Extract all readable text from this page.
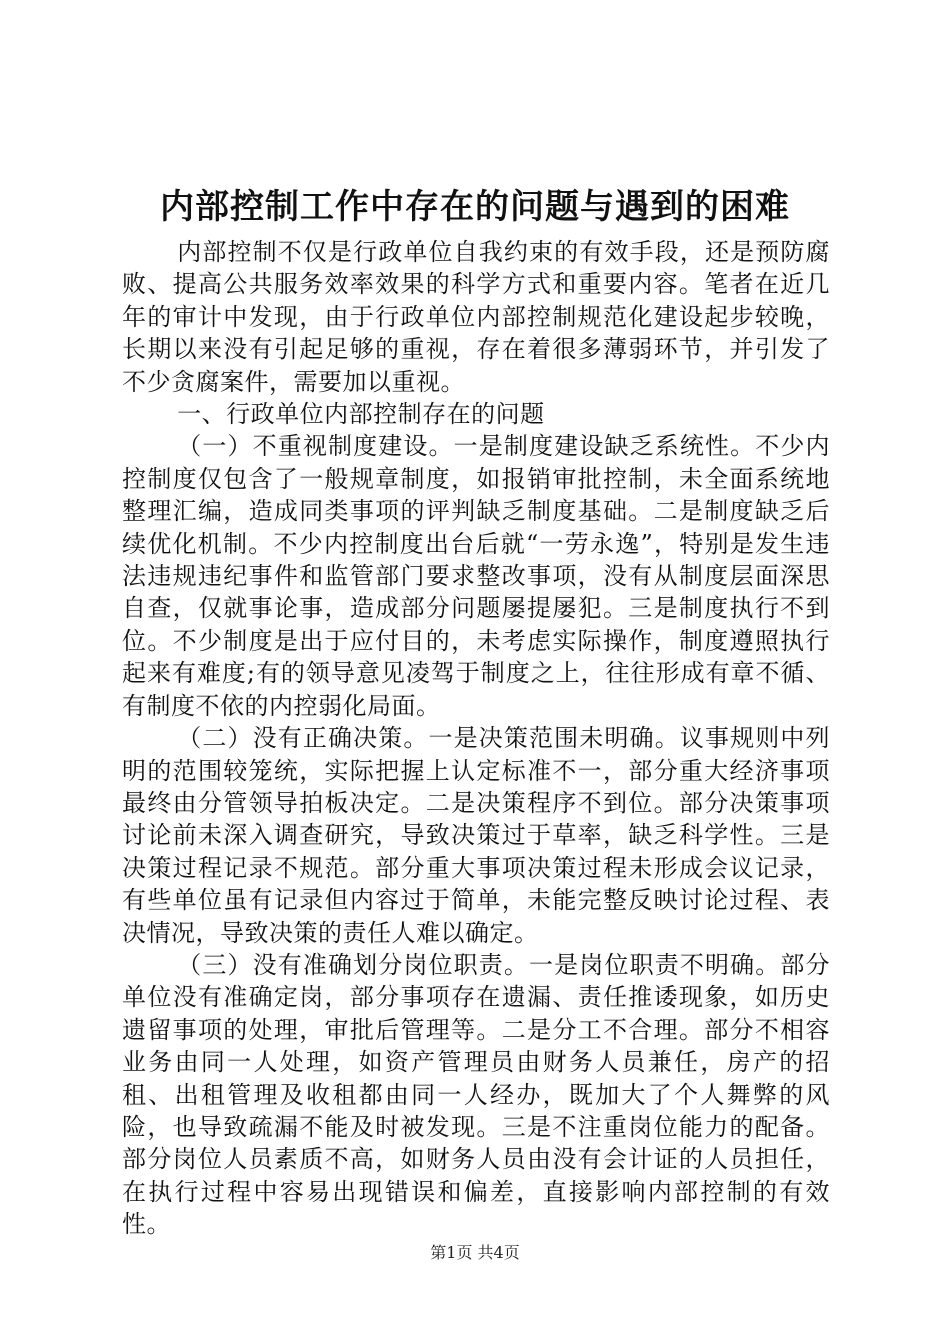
内部控制工作中存在的问题与遇到的困难

内部控制不仅是行政单位自我约束的有效手段，还是预防腐败、提高公共服务效率效果的科学方式和重要内容。笔者在近几年的审计中发现，由于行政单位内部控制规范化建设起步较晚，长期以来没有引起足够的重视，存在着很多薄弱环节，并引发了不少贪腐案件，需要加以重视。

一、行政单位内部控制存在的问题

（一）不重视制度建设。一是制度建设缺乏系统性。不少内控制度仅包含了一般规章制度，如报销审批控制，未全面系统地整理汇编，造成同类事项的评判缺乏制度基础。二是制度缺乏后续优化机制。不少内控制度出台后就“一劳永逸”，特别是发生违法违规违纪事件和监管部门要求整改事项，没有从制度层面深思自查，仅就事论事，造成部分问题屡提屡犯。三是制度执行不到位。不少制度是出于应付目的，未考虑实际操作，制度遵照执行起来有难度;有的领导意见凌驾于制度之上，往往形成有章不循、有制度不依的内控弱化局面。

（二）没有正确决策。一是决策范围未明确。议事规则中列明的范围较笼统，实际把握上认定标准不一，部分重大经济事项最终由分管领导拍板决定。二是决策程序不到位。部分决策事项讨论前未深入调查研究，导致决策过于草率，缺乏科学性。三是决策过程记录不规范。部分重大事项决策过程未形成会议记录，有些单位虽有记录但内容过于简单，未能完整反映讨论过程、表决情况，导致决策的责任人难以确定。

（三）没有准确划分岗位职责。一是岗位职责不明确。部分单位没有准确定岗，部分事项存在遗漏、责任推诿现象，如历史遗留事项的处理，审批后管理等。二是分工不合理。部分不相容业务由同一人处理，如资产管理员由财务人员兼任，房产的招租、出租管理及收租都由同一人经办，既加大了个人舞弊的风险，也导致疏漏不能及时被发现。三是不注重岗位能力的配备。部分岗位人员素质不高，如财务人员由没有会计证的人员担任，在执行过程中容易出现错误和偏差，直接影响内部控制的有效性。

第1页 共4页
